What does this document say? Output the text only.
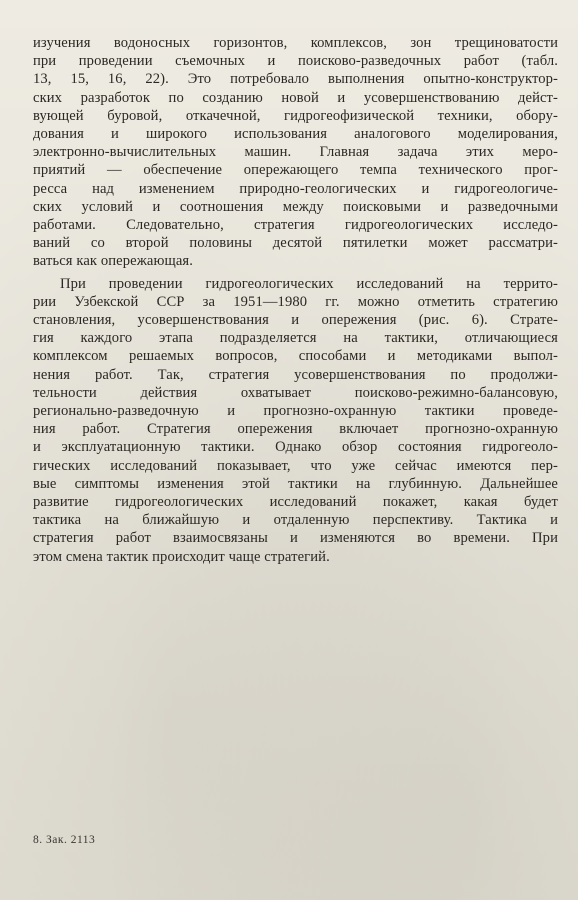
изучения водоносных горизонтов, комплексов, зон трещиноватости
при проведении съемочных и поисково-разведочных работ (табл.
13, 15, 16, 22). Это потребовало выполнения опытно-конструктор-
ских разработок по созданию новой и усовершенствованию дейст-
вующей буровой, откачечной, гидрогеофизической техники, обору-
дования и широкого использования аналогового моделирования,
электронно-вычислительных машин. Главная задача этих меро-
приятий — обеспечение опережающего темпа технического прог-
ресса над изменением природно-геологических и гидрогеологиче-
ских условий и соотношения между поисковыми и разведочными
работами. Следовательно, стратегия гидрогеологических исследо-
ваний со второй половины десятой пятилетки может рассматри-
ваться как опережающая.
При проведении гидрогеологических исследований на террито-
рии Узбекской ССР за 1951—1980 гг. можно отметить стратегию
становления, усовершенствования и опережения (рис. 6). Страте-
гия каждого этапа подразделяется на тактики, отличающиеся
комплексом решаемых вопросов, способами и методиками выпол-
нения работ. Так, стратегия усовершенствования по продолжи-
тельности действия охватывает поисково-режимно-балансовую,
регионально-разведочную и прогнозно-охранную тактики проведе-
ния работ. Стратегия опережения включает прогнозно-охранную
и эксплуатационную тактики. Однако обзор состояния гидрогеоло-
гических исследований показывает, что уже сейчас имеются пер-
вые симптомы изменения этой тактики на глубинную. Дальнейшее
развитие гидрогеологических исследований покажет, какая будет
тактика на ближайшую и отдаленную перспективу. Тактика и
стратегия работ взаимосвязаны и изменяются во времени. При
этом смена тактик происходит чаще стратегий.
8. Зак. 2113
